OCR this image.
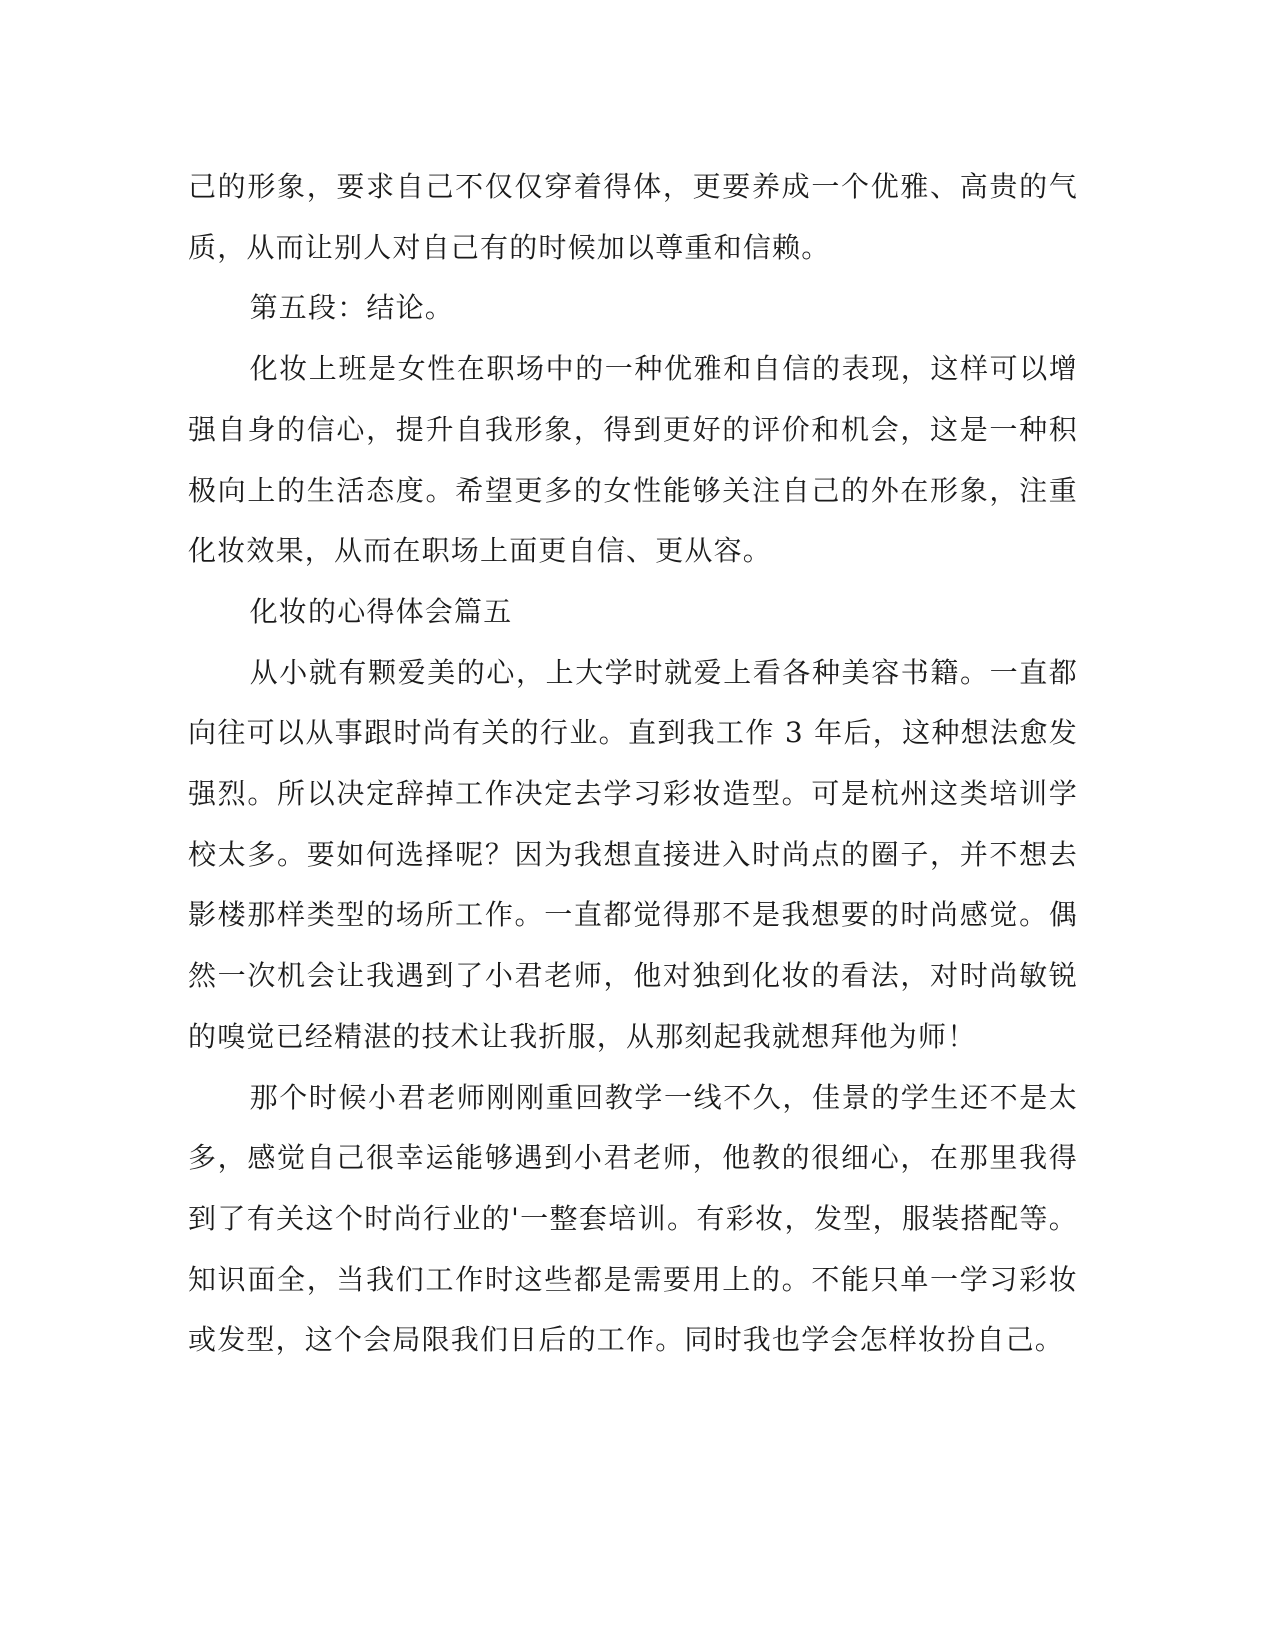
己的形象，要求自己不仅仅穿着得体，更要养成一个优雅、高贵的气质，从而让别人对自己有的时候加以尊重和信赖。

第五段：结论。

化妆上班是女性在职场中的一种优雅和自信的表现，这样可以增强自身的信心，提升自我形象，得到更好的评价和机会，这是一种积极向上的生活态度。希望更多的女性能够关注自己的外在形象，注重化妆效果，从而在职场上面更自信、更从容。

化妆的心得体会篇五

从小就有颗爱美的心，上大学时就爱上看各种美容书籍。一直都向往可以从事跟时尚有关的行业。直到我工作 3 年后，这种想法愈发强烈。所以决定辞掉工作决定去学习彩妆造型。可是杭州这类培训学校太多。要如何选择呢？因为我想直接进入时尚点的圈子，并不想去影楼那样类型的场所工作。一直都觉得那不是我想要的时尚感觉。偶然一次机会让我遇到了小君老师，他对独到化妆的看法，对时尚敏锐的嗅觉已经精湛的技术让我折服，从那刻起我就想拜他为师！

那个时候小君老师刚刚重回教学一线不久，佳景的学生还不是太多，感觉自己很幸运能够遇到小君老师，他教的很细心，在那里我得到了有关这个时尚行业的'一整套培训。有彩妆，发型，服装搭配等。知识面全，当我们工作时这些都是需要用上的。不能只单一学习彩妆或发型，这个会局限我们日后的工作。同时我也学会怎样妆扮自己。
